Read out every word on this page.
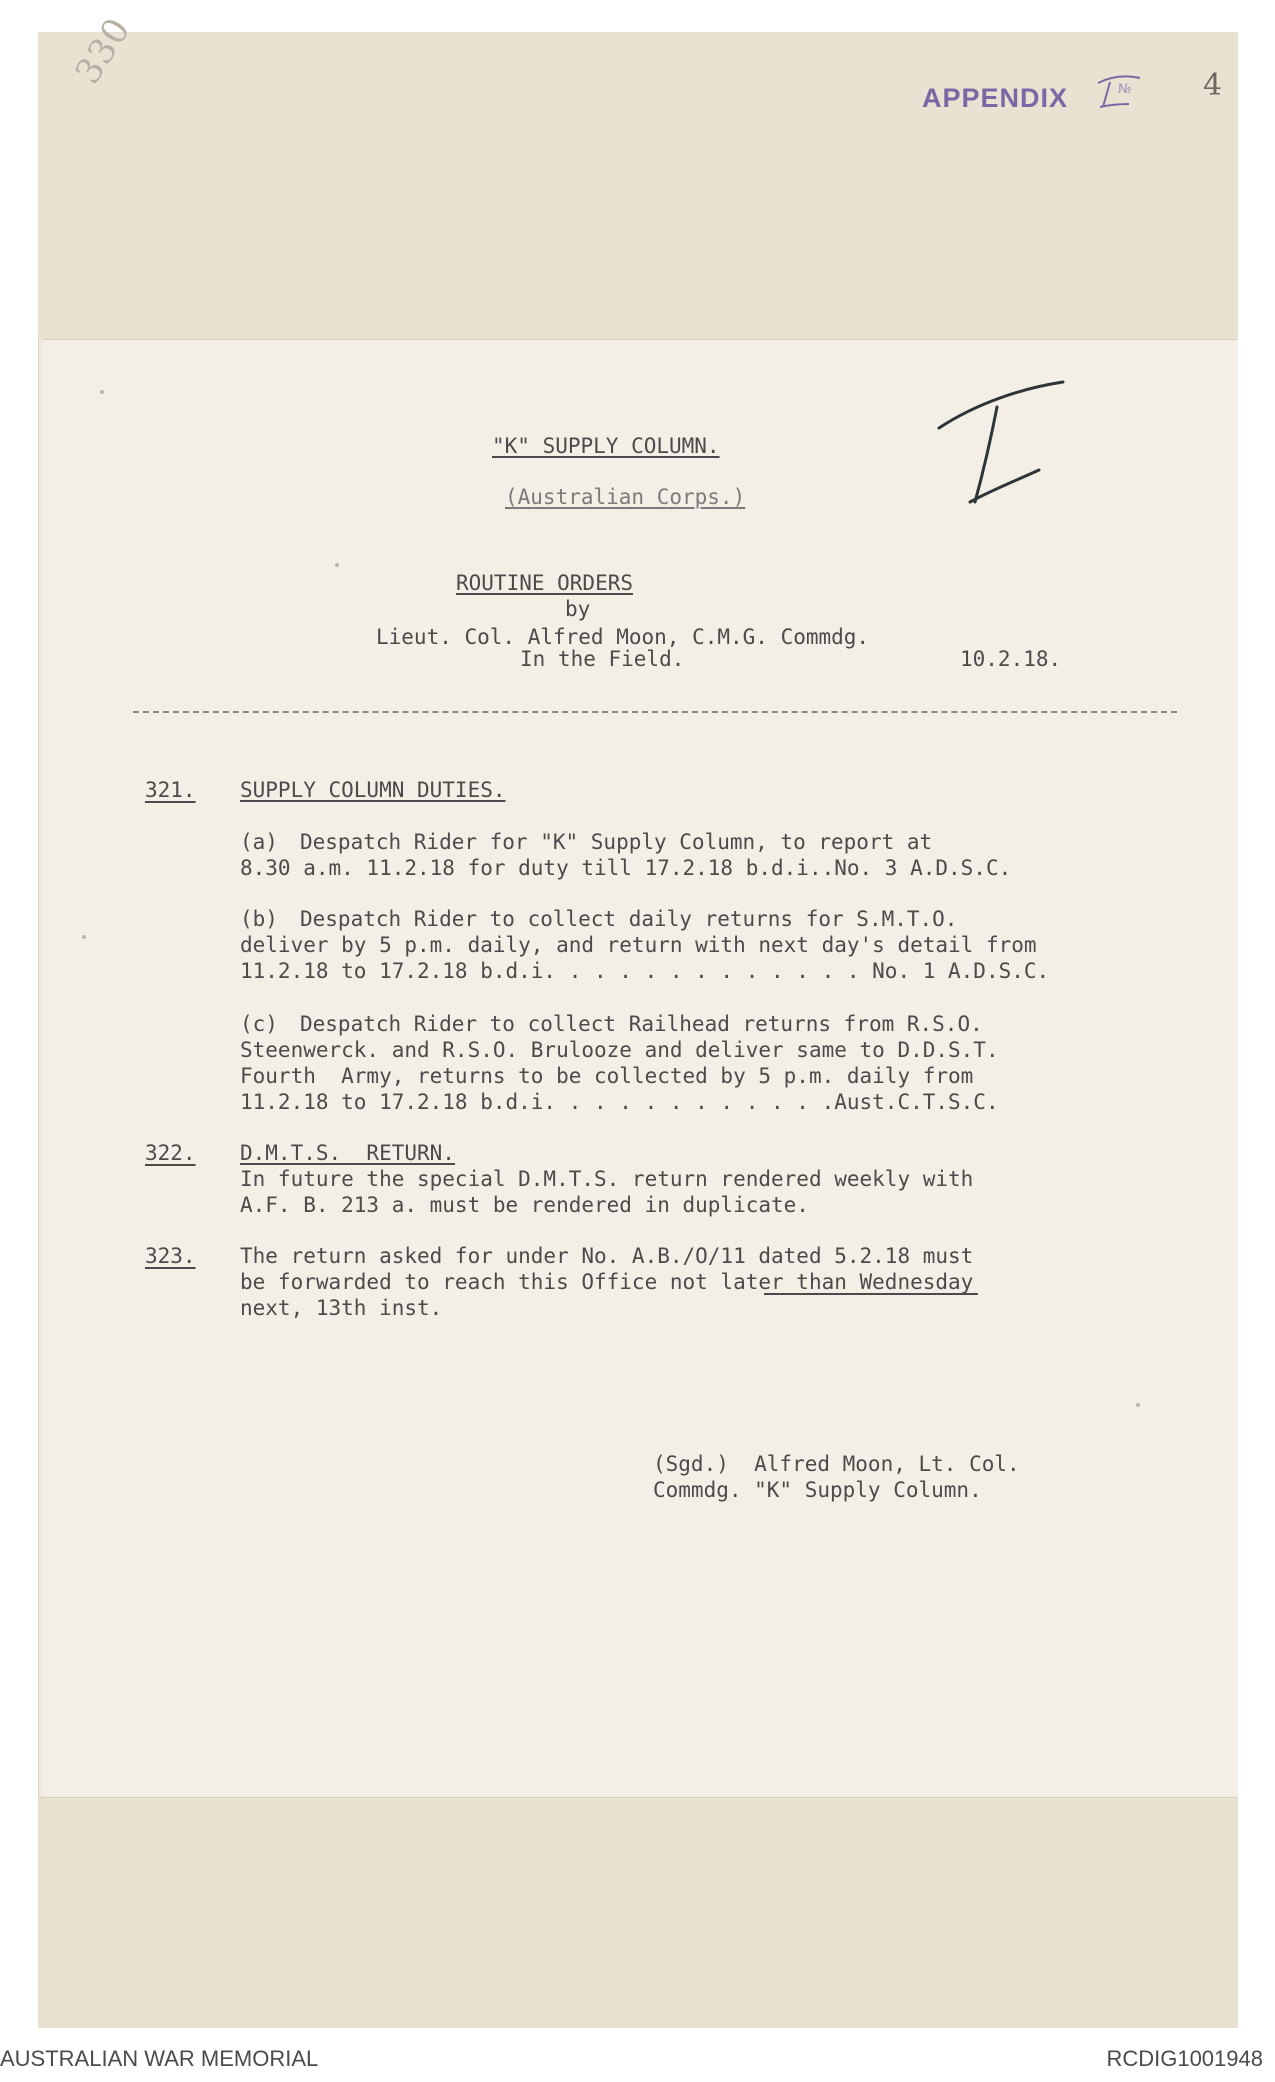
330
APPENDIX	№ 4
"K" SUPPLY COLUMN.
(Australian Corps.)
ROUTINE ORDERS
by
Lieut. Col. Alfred Moon, C.M.G. Commdg.
In the Field.	10.2.18.
321. SUPPLY COLUMN DUTIES.
(a) Despatch Rider for "K" Supply Column, to report at
8.30 a.m. 11.2.18 for duty till 17.2.18 b.d.i..No. 3 A.D.S.C.
(b) Despatch Rider to collect daily returns for S.M.T.O.
deliver by 5 p.m. daily, and return with next day's detail from
11.2.18 to 17.2.18 b.d.i. . . . . . . . . . . . . No. 1 A.D.S.C.
(c) Despatch Rider to collect Railhead returns from R.S.O.
Steenwerck. and R.S.O. Brulooze and deliver same to D.D.S.T.
Fourth  Army, returns to be collected by 5 p.m. daily from
11.2.18 to 17.2.18 b.d.i. . . . . . . . . . . .Aust.C.T.S.C.
322. D.M.T.S.  RETURN.
In future the special D.M.T.S. return rendered weekly with
A.F. B. 213 a. must be rendered in duplicate.
323. The return asked for under No. A.B./O/11 dated 5.2.18 must
be forwarded to reach this Office not later than Wednesday
next, 13th inst.
(Sgd.)  Alfred Moon, Lt. Col.
Commdg. "K" Supply Column.
AUSTRALIAN WAR MEMORIAL	RCDIG1001948
